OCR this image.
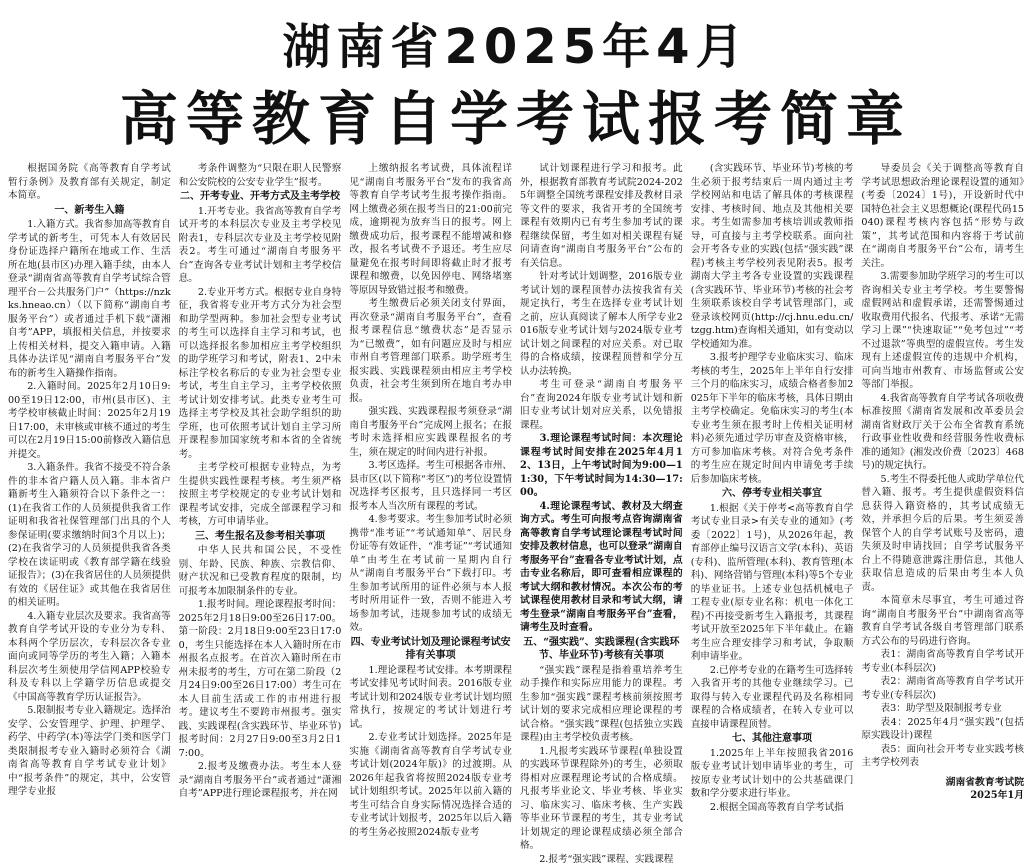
湖南省2025年4月
高等教育自学考试报考简章

根据国务院《高等教育自学考试暂行条例》及教育部有关规定，制定本简章。

一、新考生入籍

1.入籍方式。我省参加高等教育自学考试的新考生，可凭本人有效居民身份证选择户籍所在地或工作、生活所在地(县市区)办理入籍手续，由本人登录“湖南省高等教育自学考试综合管理平台－公共服务门户”（https://nzkks.hneao.cn）（以下简称“湖南自考服务平台”）或者通过手机下载“潇湘自考”APP，填报相关信息，并按要求上传相关材料，提交入籍申请。入籍具体办法详见“湖南自考服务平台”发布的新考生入籍操作指南。

2.入籍时间。2025年2月10日9:00至19日12:00，市州(县市区)、主考学校审核截止时间：2025年2月19日17:00，未审核或审核不通过的考生可以在2月19日15:00前修改入籍信息并提交。

3.入籍条件。我省不接受不符合条件的非本省户籍人员入籍。非本省户籍新考生入籍须符合以下条件之一：(1)在我省工作的人员须提供我省工作证明和我省社保管理部门出具的个人参保证明(要求缴纳时间3个月以上)；(2)在我省学习的人员须提供我省各类学校在读证明或《教育部学籍在线验证报告》；(3)在我省居住的人员须提供有效的《居住证》或其他在我省居住的相关证明。

4.入籍专业层次及要求。我省高等教育自学考试开设的专业分为专科、本科两个学历层次，专科层次各专业面向或同等学历的考生入籍；入籍本科层次考生须使用学信网APP校验专科及专科以上学籍学历信息或提交《中国高等教育学历认证报告》。

5.限制报考专业入籍规定。选择治安学、公安管理学、护理、护理学、药学、中药学(本)等法学门类和医学门类限制报考专业入籍时必须符合《湖南省高等教育自学考试专业计划》中“报考条件”的规定，其中，公安管理学专业报

考条件调整为“只限在职人民警察和公安院校的公安专业学生”报考。

二、开考专业、开考方式及主考学校

1.开考专业。我省高等教育自学考试开考的本科层次专业及主考学校见附表1，专科层次专业及主考学校见附表2。考生可通过“湖南自考服务平台”查询各专业考试计划和主考学校信息。

2.专业开考方式。根据专业自身特征，我省将专业开考方式分为社会型和助学型两种。参加社会型专业考试的考生可以选择自主学习和考试，也可以选择报名参加相应主考学校组织的助学班学习和考试，附表1、2中未标注学校名称后的专业为社会型专业考试，考生自主学习，主考学校依照考试计划安排考试。此类专业考生可选择主考学校及其社会助学组织的助学班，也可依照考试计划自主学习所开课程参加国家统考和本省的全省统考。

主考学校可根据专业特点，为考生提供实践性课程考核。考生须严格按照主考学校规定的专业考试计划和课程考试安排，完成全部课程学习和考核，方可申请毕业。

三、考生报名及参考相关事项

中华人民共和国公民，不受性别、年龄、民族、种族、宗教信仰、财产状况和已受教育程度的限制，均可报考本加限制条件的专业。

1.报考时间。理论课程报考时间：2025年2月18日9:00至26日17:00。第一阶段：2月18日9:00至23日17:00，考生只能选择在本人入籍时所在市州报名点报考。在首次入籍时所在市州未报考的考生，方可在第二阶段（2月24日9:00至26日17:00）考生可在本人目前生活或工作的市州进行报考。建议考生不要跨市州报考。强实践、实践课程(含实践环节、毕业环节)报考时间：2月27日9:00至3月2日17:00。

2.报考及缴费办法。考生本人登录“湖南自考服务平台”或者通过“潇湘自考”APP进行理论课程报考，并在网

上缴纳报名考试费，具体流程详见“湖南自考服务平台”发布的我省高等教育自学考试考生报考操作指南。网上缴费必须在报考当日的21:00前完成，逾期视为放弃当日的报考。网上缴费成功后，报考课程不能增减和修改，报名考试费不予退还。考生应尽量避免在报考时间即将截止时才报考课程和缴费，以免因停电、网络堵塞等原因导致错过报考和缴费。

考生缴费后必须关闭支付界面，再次登录“湖南自考服务平台”，查看报考课程信息“缴费状态”是否显示为“已缴费”，如有问题应及时与相应市州自考管理部门联系。助学班考生报实践、实践课程须由相应主考学校负责，社会考生须到所在地自考办申报。

强实践、实践课程报考须登录“湖南自考服务平台”完成网上报名；在报考时未选择相应实践课程报名的考生，须在规定的时间内进行补报。

3.考区选择。考生可根据各市州、县市区(以下简称“考区”)的考位设置情况选择考区报考，且只选择同一考区报考本人当次所有课程的考试。

4.参考要求。考生参加考试时必须携带“准考证”“考试通知单”、居民身份证等有效证件，“准考证”“考试通知单”由考生在考试前一星期内自行从“湖南自考服务平台”下载打印。考生参加考试所用的证件必须与本人报考时所用证件一致，否则不能进入考场参加考试，违规参加考试的成绩无效。

四、专业考试计划及理论课程考试安排有关事项

1.理论课程考试安排。本考期课程考试安排见考试时间表。2016版专业考试计划和2024版专业考试计划均照常执行，按规定的考试计划进行考试。

2.专业考试计划选择。2025年是实施《湖南省高等教育自学考试专业考试计划(2024年版)》的过渡期。从2026年起我省将按照2024版专业考试计划组织考试。2025年以前入籍的考生可结合自身实际情况选择合适的专业考试计划报考，2025年以后入籍的考生务必按照2024版专业考

试计划课程进行学习和报考。此外，根据教育部教育考试院2024-2025年调整全国统考课程安排及教材目录等文件的要求，我省开考的全国统考课程有效期内已有考生参加考试的课程继续保留，考生如对相关课程有疑问请查询“湖南自考服务平台”公布的有关信息。

针对考试计划调整，2016版专业考试计划的课程顶替办法按我省有关规定执行，考生在选择专业考试计划之前，应认真阅读了解本人所学专业2016版专业考试计划与2024版专业考试计划之间课程的对应关系。对已取得的合格成绩，按课程顶替和学分互认办法转换。

考生可登录“湖南自考服务平台”查询2024年版专业考试计划和新旧专业考试计划对应关系，以免错报课程。

3.理论课程考试时间：本次理论课程考试时间安排在2025年4月12、13日，上午考试时间为9:00—11:30，下午考试时间为14:30—17:00。
4.理论课程考试、教材及大纲查询方式。考生可向报考点咨询湖南省高等教育自学考试理论课程考试时间安排及教材信息，也可以登录“湖南自考服务平台”查看各专业考试计划，点击专业名称后，即可查看相应课程的考试大纲和教材情况。本次公布的考试课程使用教材目录和考试大纲，请考生登录“湖南自考服务平台”查看，请考生及时查看。
五、“强实践”、实践课程(含实践环节、毕业环节)考核有关事项

“强实践”课程是指着重培养考生动手操作和实际应用能力的课程。考生参加“强实践”课程考核前须按照考试计划的要求完成相应理论课程的考试合格。“强实践”课程(包括独立实践课程)由主考学校负责考核。

1.凡报考实践环节课程(单独设置的实践环节课程除外)的考生，必须取得相对应课程理论考试的合格成绩。凡报考毕业论文、毕业考核、毕业实习、临床实习、临床考核、生产实践等毕业环节课程的考生，其专业考试计划规定的理论课程成绩必须全部合格。

2.报考“强实践”课程、实践课程

(含实践环节、毕业环节)考核的考生必须于报考结束后一周内通过主考学校网站和电话了解具体的考核课程安排、考核时间、地点及其他相关要求。考生如需参加考核培训或教师指导，可直接与主考学校联系。面向社会开考各专业的实践(包括“强实践”课程)考核主考学校列表见附表5。报考湖南大学主考各专业设置的实践课程(含实践环节、毕业环节)考核的社会考生须联系该校自学考试管理部门，或登录该校网页(http://cj.hnu.edu.cn/tzgg.htm)查询相关通知，如有变动以学校通知为准。

3.报考护理学专业临床实习、临床考核的考生，2025年上半年自行安排三个月的临床实习，成绩合格者参加2025年下半年的临床考核，具体日期由主考学校确定。免临床实习的考生(本专业考生须在报考时上传相关证明材料)必须先通过学历审查及资格审核，方可参加临床考核。对符合免考条件的考生应在规定时间内申请免考手续后参加临床考核。

六、停考专业相关事宜

1.根据《关于停考<高等教育自学考试专业目录>有关专业的通知》(考委〔2022〕1号)，从2026年起，教育部停止编号汉语言文学(本科)、英语(专科)、监所管理(本科)、教育管理(本科)、网络营销与管理(本科)等5个专业的毕业证书。上述专业包括机械电子工程专业(原专业名称：机电一体化工程)不再接受新考生入籍报考，其课程考试开放至2025年下半年截止。在籍考生应合理安排学习和考试，争取顺利申请毕业。

2.已停考专业的在籍考生可选择转入我省开考的其他专业继续学习。已取得与转入专业课程代码及名称相同课程的合格成绩者，在转入专业可以直接申请课程顶替。

七、其他注意事项

1.2025年上半年按照我省2016版专业考试计划申请毕业的考生，可按原专业考试计划中的公共基础课门数和学分要求进行毕业。

2.根据全国高等教育自学考试指

导委员会《关于调整高等教育自学考试思想政治理论课程设置的通知》(考委〔2024〕1号)，开设新时代中国特色社会主义思想概论(课程代码15040)课程考核内容包括“形势与政策”，其考试范围和内容将于考试前在“湖南自考服务平台”公布，请考生关注。

3.需要参加助学班学习的考生可以咨询相关专业主考学校。考生要警惕虚假网站和虚假承诺，还需警惕通过收取费用代报名、代报考、承诺“无需学习上课”“快速取证”“免考包过”“考不过退款”等典型的虚假宣传。考生发现有上述虚假宣传的违规中介机构，可向当地市州教育、市场监督或公安等部门举报。

4.我省高等教育自学考试各项收费标准按照《湖南省发展和改革委员会湖南省财政厅关于公布全省教育系统行政事业性收费和经营服务性收费标准的通知》(湘发改价费〔2023〕468号)的规定执行。

5.考生不得委托他人或助学单位代替入籍、报考。考生提供虚假资料信息获得入籍资格的，其考试成绩无效，并承担今后的后果。考生须妥善保管个人的自学考试账号及密码，遗失须及时申请找回；自学考试服务平台上不得随意泄露注册信息，其他人获取信息造成的后果由考生本人负责。

本简章未尽事宜，考生可通过咨询“湖南自考服务平台”中湖南省高等教育自学考试各级自考管理部门联系方式公布的号码进行咨询。

表1：湖南省高等教育自学考试开考专业(本科层次)

表2：湖南省高等教育自学考试开考专业(专科层次)

表3：助学型及限制报考专业

表4：2025年4月“强实践”(包括原实践设计)课程

表5：面向社会开考专业实践考核主考学校列表

湖南省教育考试院
2025年1月
